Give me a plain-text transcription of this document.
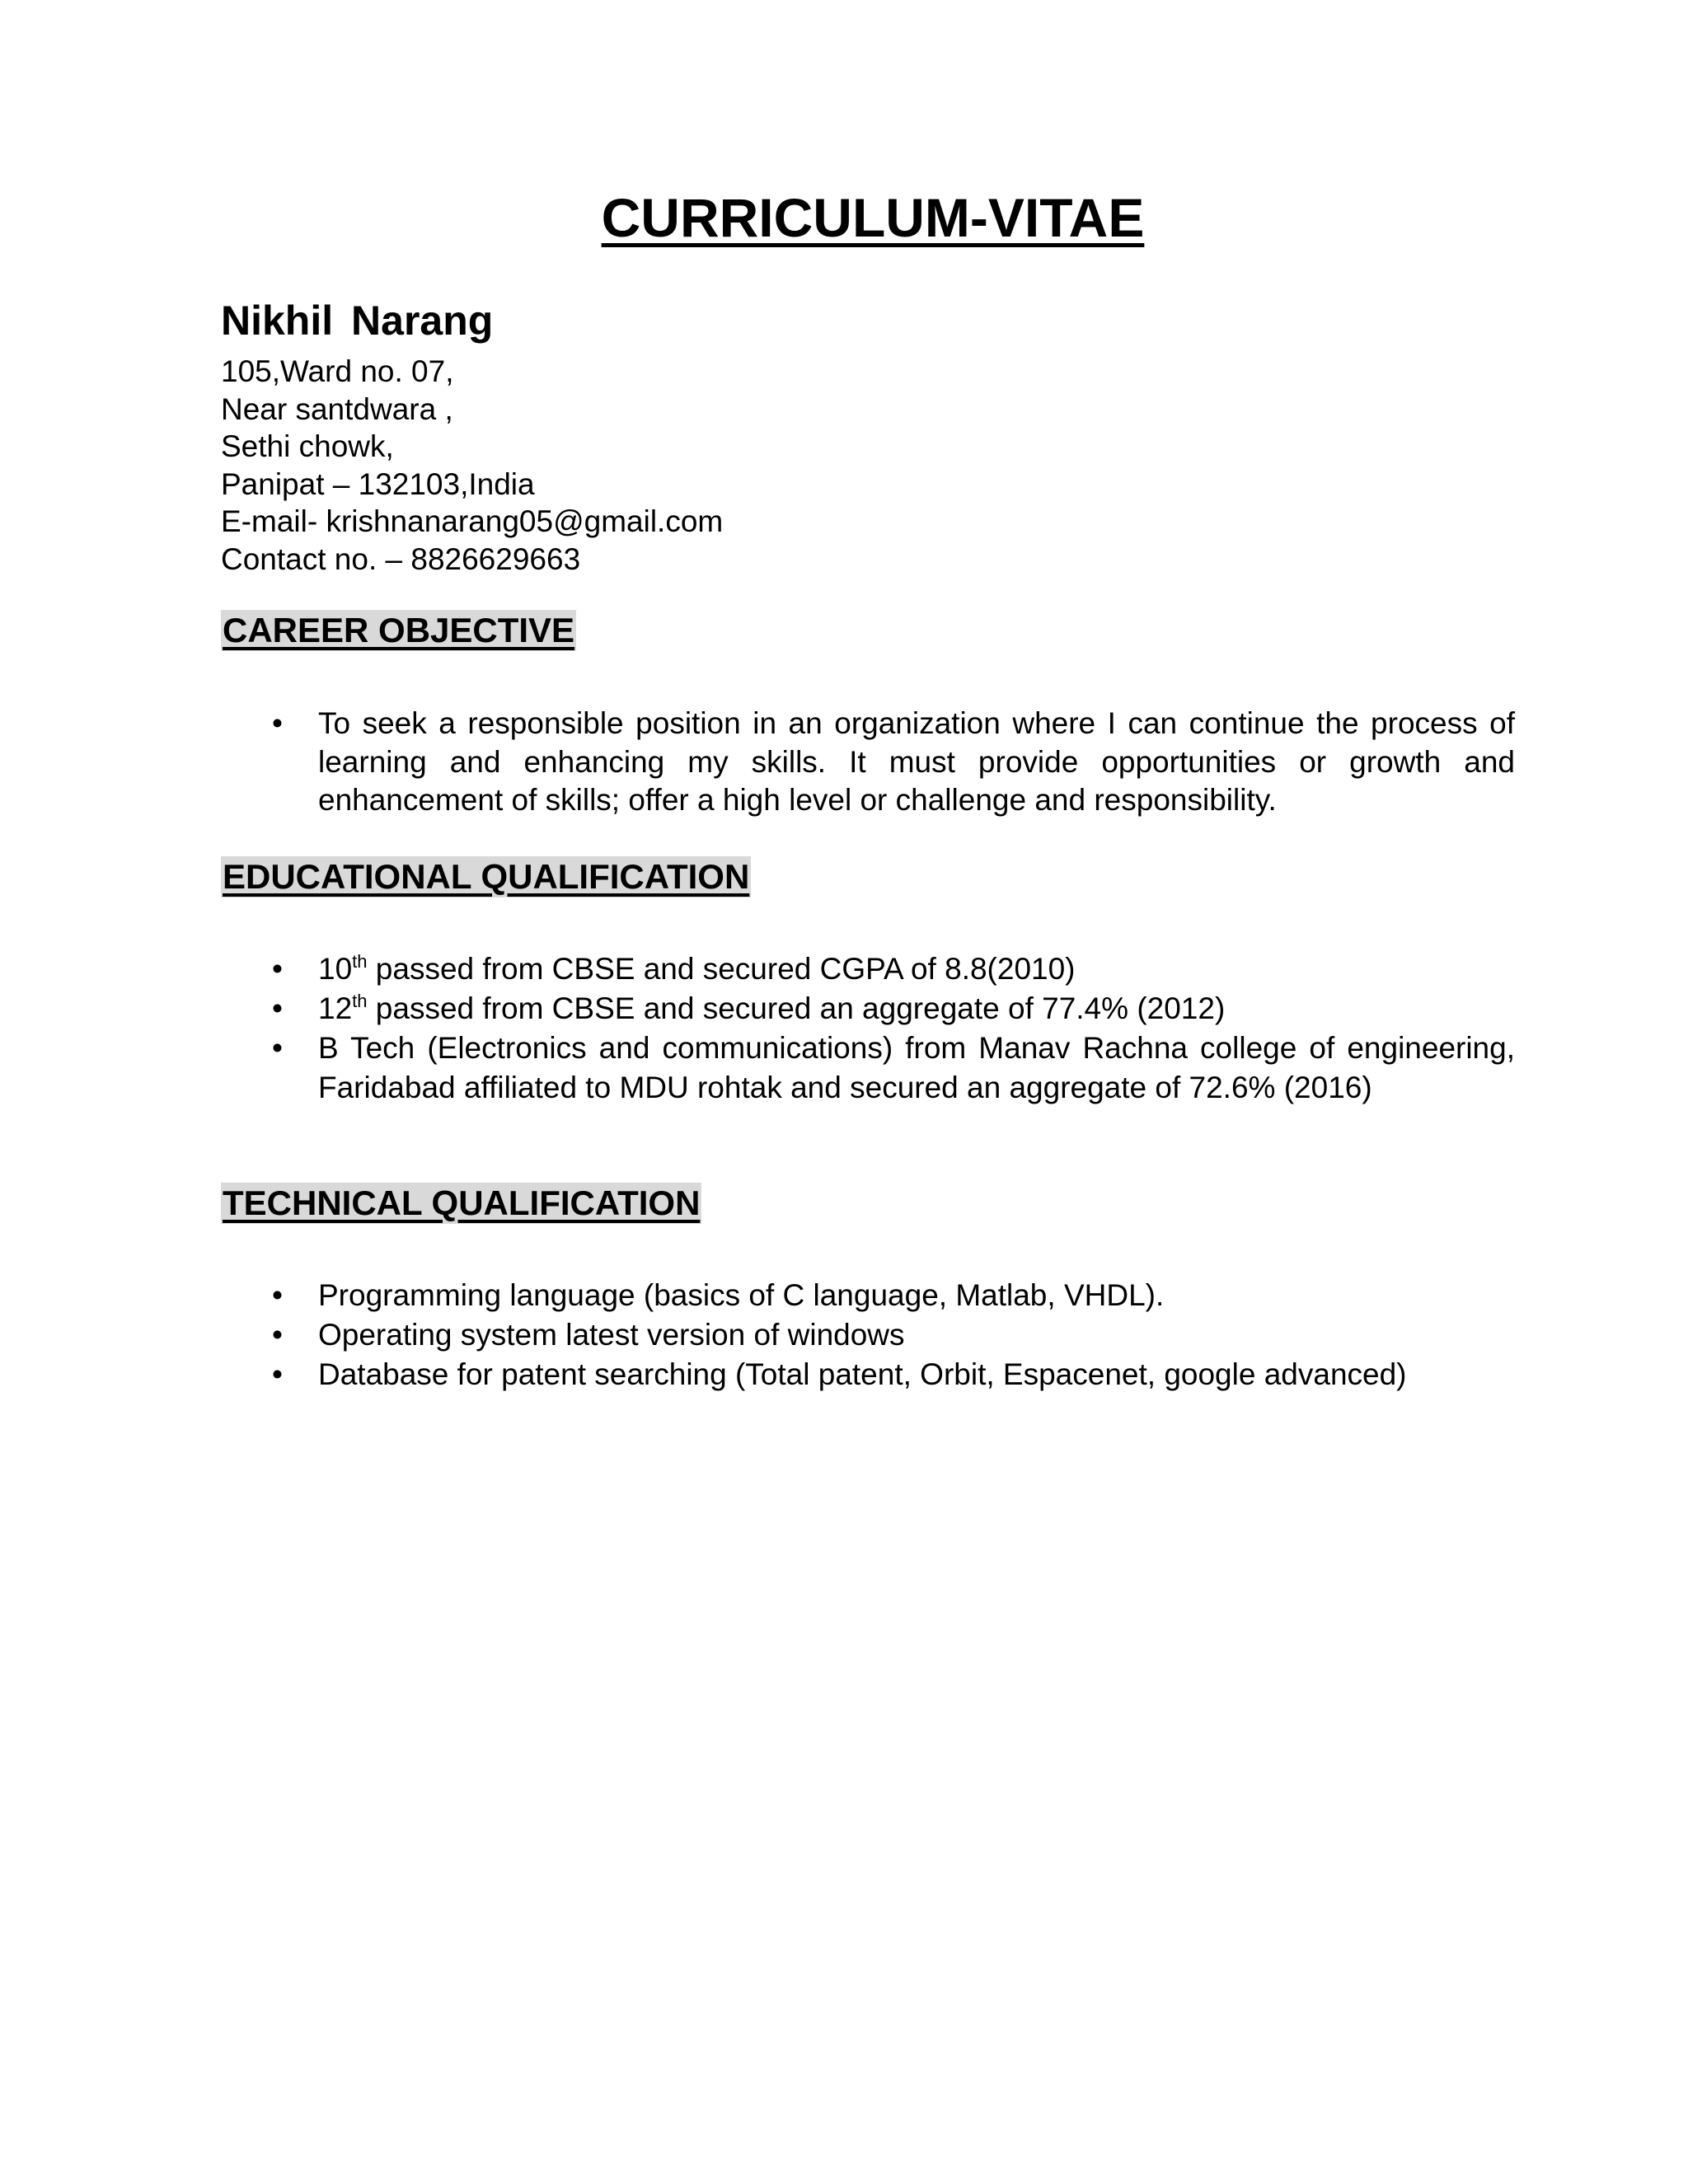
CURRICULUM-VITAE
Nikhil Narang
105,Ward no. 07,
Near santdwara ,
Sethi chowk,
Panipat – 132103,India
E-mail- krishnanarang05@gmail.com
Contact no. – 8826629663
CAREER OBJECTIVE
• To seek a responsible position in an organization where I can continue the process of learning and enhancing my skills. It must provide opportunities or growth and enhancement of skills; offer a high level or challenge and responsibility.
EDUCATIONAL QUALIFICATION
• 10th passed from CBSE and secured CGPA of 8.8(2010)
• 12th passed from CBSE and secured an aggregate of 77.4% (2012)
• B Tech (Electronics and communications) from Manav Rachna college of engineering, Faridabad affiliated to MDU rohtak and secured an aggregate of 72.6% (2016)
TECHNICAL QUALIFICATION
• Programming language (basics of C language, Matlab, VHDL).
• Operating system latest version of windows
• Database for patent searching (Total patent, Orbit, Espacenet, google advanced)
